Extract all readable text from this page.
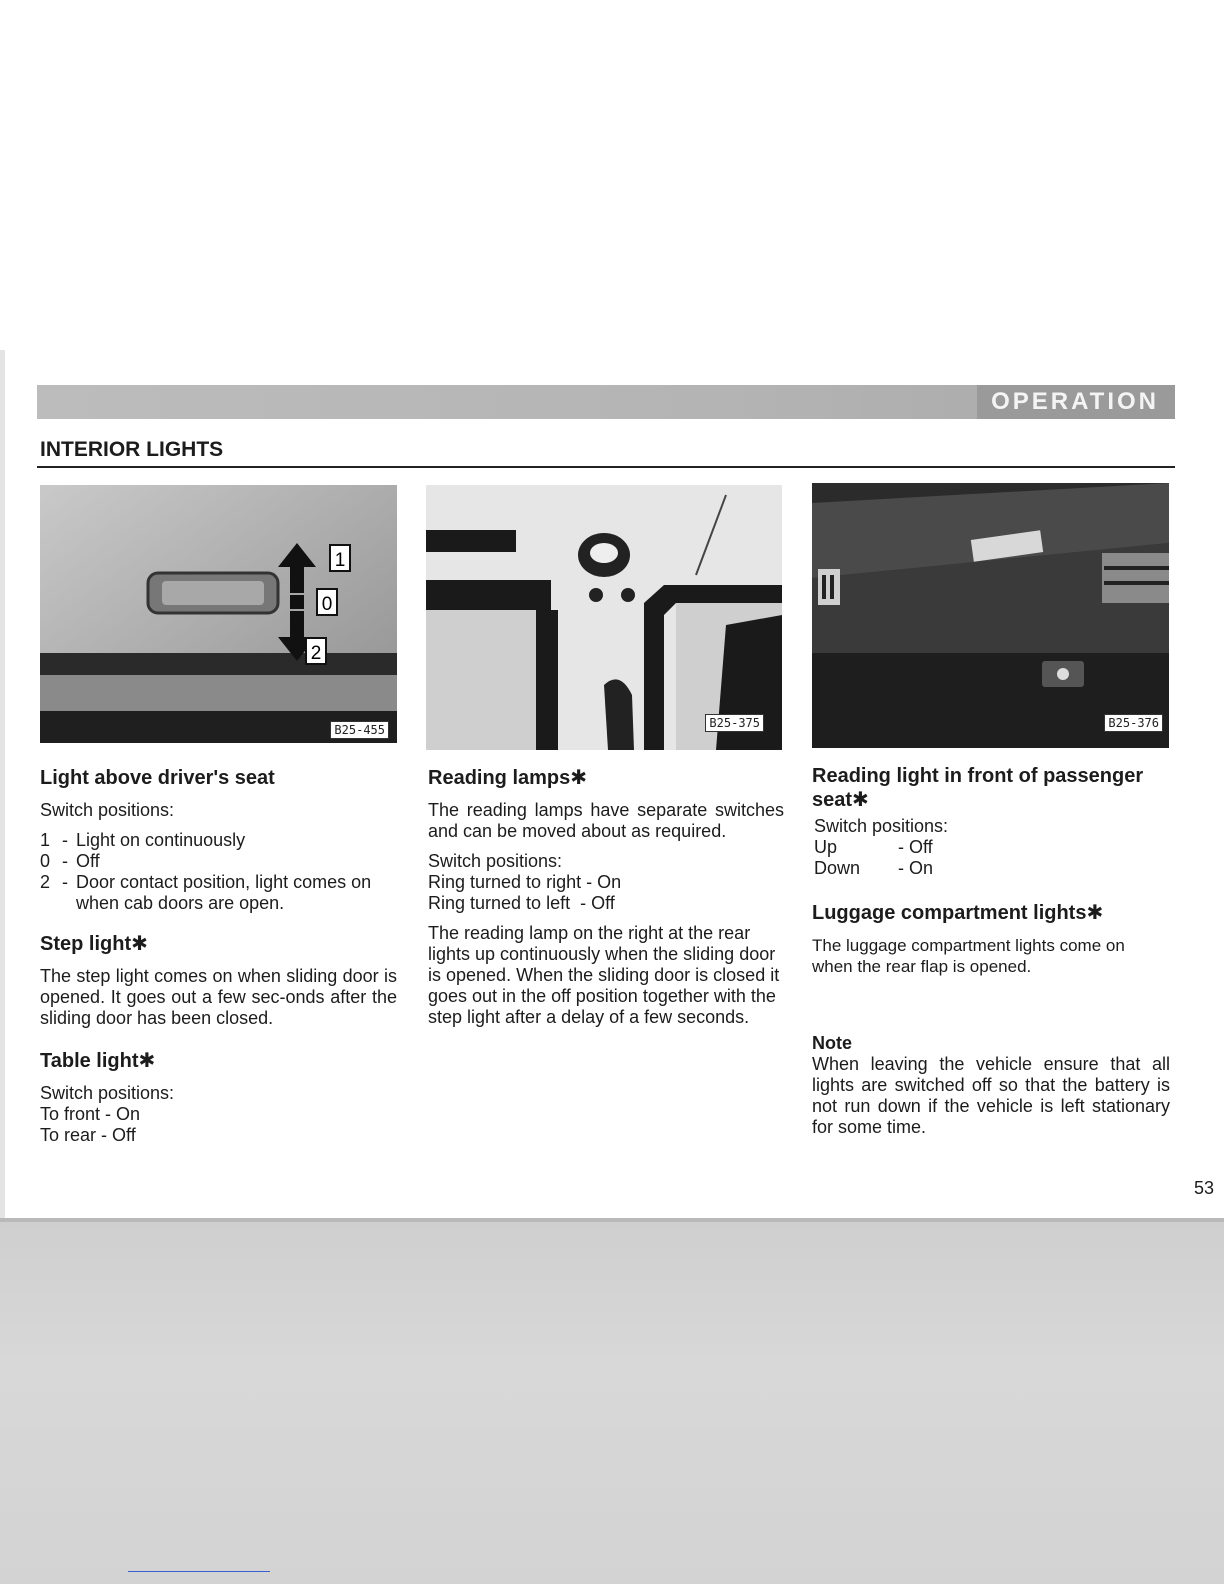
OPERATION
INTERIOR LIGHTS
1
0
2
B25-455	B25-375	B25-376
Light above driver's seat

Switch positions:

1 - Light on continuously
0 - Off
2 - Door contact position, light comes on when cab doors are open.
Step light✱

The step light comes on when sliding door is opened. It goes out a few sec-onds after the sliding door has been closed.

Table light✱
Switch positions:
To front - On
To rear - Off
Reading lamps✱

The reading lamps have separate switches and can be moved about as required.

Switch positions:
Ring turned to right - On
Ring turned to left  - Off

The reading lamp on the right at the rear lights up continuously when the sliding door is opened. When the sliding door is closed it goes out in the off position together with the step light after a delay of a few seconds.

Reading light in front of passenger seat✱
Switch positions:
Up	- Off
Down	- On
Luggage compartment lights✱

The luggage compartment lights come on when the rear flap is opened.

Note

When leaving the vehicle ensure that all lights are switched off so that the battery is not run down if the vehicle is left stationary for some time.

53
